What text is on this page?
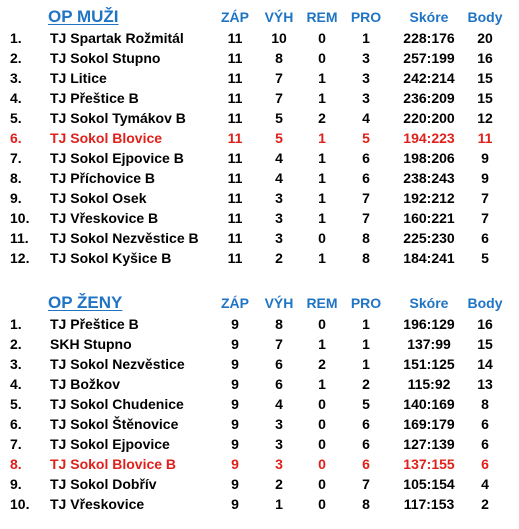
OP MUŽI	ZÁP VÝH REM PRO	Skóre	Body
1. TJ Spartak Rožmitál	11	10	0	1	228:176	20
2. TJ Sokol Stupno	11	8	0	3	257:199	16
3. TJ Litice	11	7	1	3	242:214	15
4. TJ Přeštice B	11	7	1	3	236:209	15
5. TJ Sokol Tymákov B	11	5	2	4	220:200	12
6. TJ Sokol Blovice	11	5	1	5	194:223	11
7. TJ Sokol Ejpovice B	11	4	1	6	198:206	9
8. TJ Příchovice B	11	4	1	6	238:243	9
9. TJ Sokol Osek	11	3	1	7	192:212	7
10. TJ Vřeskovice B	11	3	1	7	160:221	7
11. TJ Sokol Nezvěstice B	11	3	0	8	225:230	6
12. TJ Sokol Kyšice B	11	2	1	8	184:241	5
OP ŽENY	ZÁP VÝH REM PRO	Skóre	Body
1. TJ Přeštice B	9	8	0	1	196:129	16
2. SKH Stupno	9	7	1	1	137:99	15
3. TJ Sokol Nezvěstice	9	6	2	1	151:125	14
4. TJ Božkov	9	6	1	2	115:92	13
5. TJ Sokol Chudenice	9	4	0	5	140:169	8
6. TJ Sokol Štěnovice	9	3	0	6	169:179	6
7. TJ Sokol Ejpovice	9	3	0	6	127:139	6
8. TJ Sokol Blovice B	9	3	0	6	137:155	6
9. TJ Sokol Dobřív	9	2	0	7	105:154	4
10. TJ Vřeskovice	9	1	0	8	117:153	2
